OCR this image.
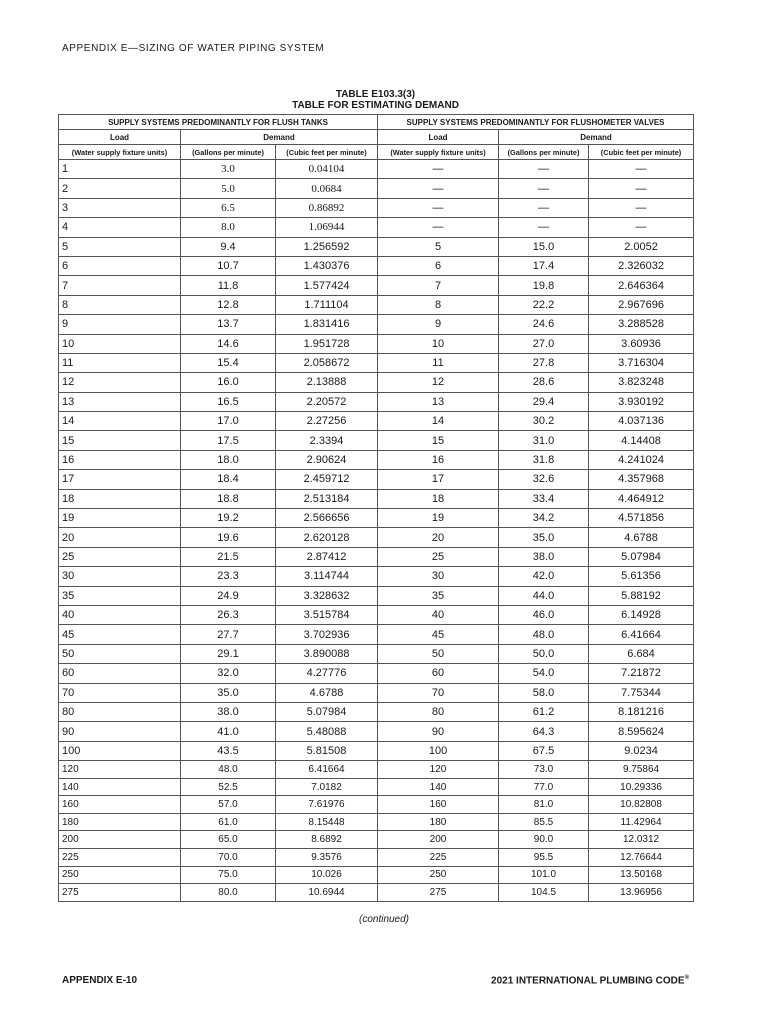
APPENDIX E—SIZING OF WATER PIPING SYSTEM
TABLE E103.3(3)
TABLE FOR ESTIMATING DEMAND
SUPPLY SYSTEMS PREDOMINANTLY FOR FLUSH TANKS			SUPPLY SYSTEMS PREDOMINANTLY FOR FLUSHOMETER VALVES		
Load	Demand		Load	Demand	
(Water supply fixture units)	(Gallons per minute)	(Cubic feet per minute)	(Water supply fixture units)	(Gallons per minute)	(Cubic feet per minute)
1	3.0	0.04104	—	—	—
2	5.0	0.0684	—	—	—
3	6.5	0.86892	—	—	—
4	8.0	1.06944	—	—	—
5	9.4	1.256592	5	15.0	2.0052
6	10.7	1.430376	6	17.4	2.326032
7	11.8	1.577424	7	19.8	2.646364
8	12.8	1.711104	8	22.2	2.967696
9	13.7	1.831416	9	24.6	3.288528
10	14.6	1.951728	10	27.0	3.60936
11	15.4	2.058672	11	27.8	3.716304
12	16.0	2.13888	12	28.6	3.823248
13	16.5	2.20572	13	29.4	3.930192
14	17.0	2.27256	14	30.2	4.037136
15	17.5	2.3394	15	31.0	4.14408
16	18.0	2.90624	16	31.8	4.241024
17	18.4	2.459712	17	32.6	4.357968
18	18.8	2.513184	18	33.4	4.464912
19	19.2	2.566656	19	34.2	4.571856
20	19.6	2.620128	20	35.0	4.6788
25	21.5	2.87412	25	38.0	5.07984
30	23.3	3.114744	30	42.0	5.61356
35	24.9	3.328632	35	44.0	5.88192
40	26.3	3.515784	40	46.0	6.14928
45	27.7	3.702936	45	48.0	6.41664
50	29.1	3.890088	50	50.0	6.684
60	32.0	4.27776	60	54.0	7.21872
70	35.0	4.6788	70	58.0	7.75344
80	38.0	5.07984	80	61.2	8.181216
90	41.0	5.48088	90	64.3	8.595624
100	43.5	5.81508	100	67.5	9.0234
120	48.0	6.41664	120	73.0	9.75864
140	52.5	7.0182	140	77.0	10.29336
160	57.0	7.61976	160	81.0	10.82808
180	61.0	8.15448	180	85.5	11.42964
200	65.0	8.6892	200	90.0	12.0312
225	70.0	9.3576	225	95.5	12.76644
250	75.0	10.026	250	101.0	13.50168
275	80.0	10.6944	275	104.5	13.96956
(continued)
APPENDIX E-10	2021 INTERNATIONAL PLUMBING CODE®
